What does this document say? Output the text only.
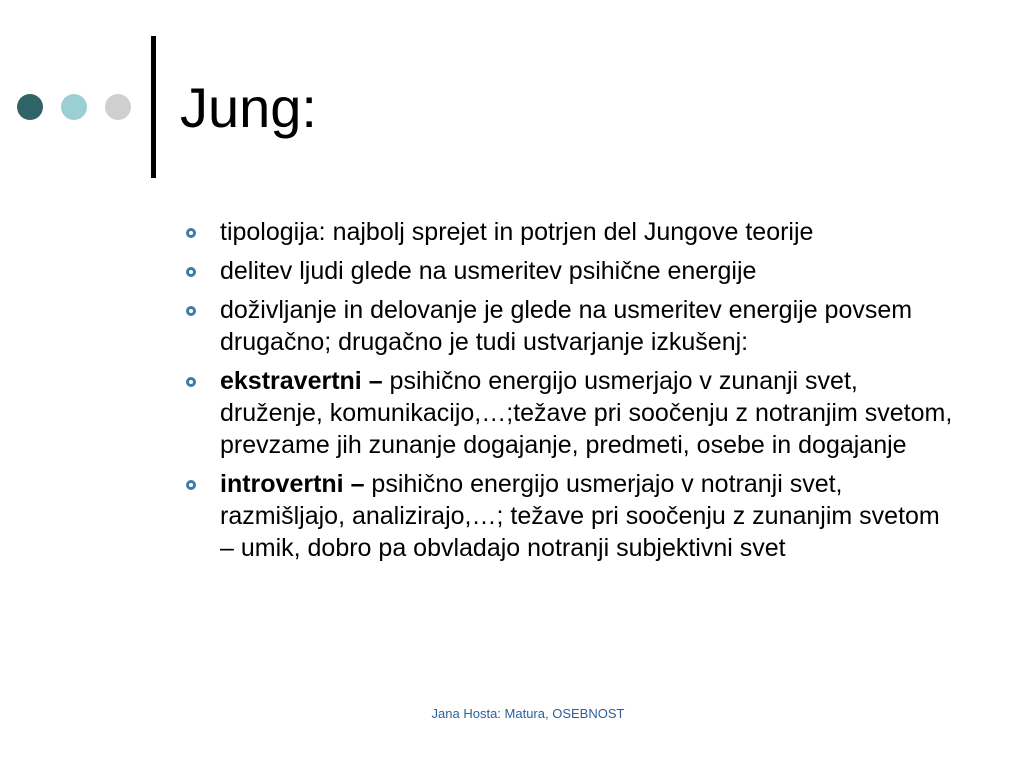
Jung:
tipologija: najbolj sprejet in potrjen del Jungove teorije
delitev ljudi glede na usmeritev psihične energije
doživljanje in delovanje je glede na usmeritev energije povsem drugačno; drugačno je tudi ustvarjanje izkušenj:
ekstravertni – psihično energijo usmerjajo v zunanji svet, druženje, komunikacijo,…;težave pri soočenju z notranjim svetom, prevzame jih zunanje dogajanje, predmeti, osebe in dogajanje
introvertni – psihično energijo usmerjajo v notranji svet, razmišljajo, analizirajo,…; težave pri soočenju z zunanjim svetom – umik, dobro pa obvladajo notranji subjektivni svet
Jana Hosta: Matura, OSEBNOST
